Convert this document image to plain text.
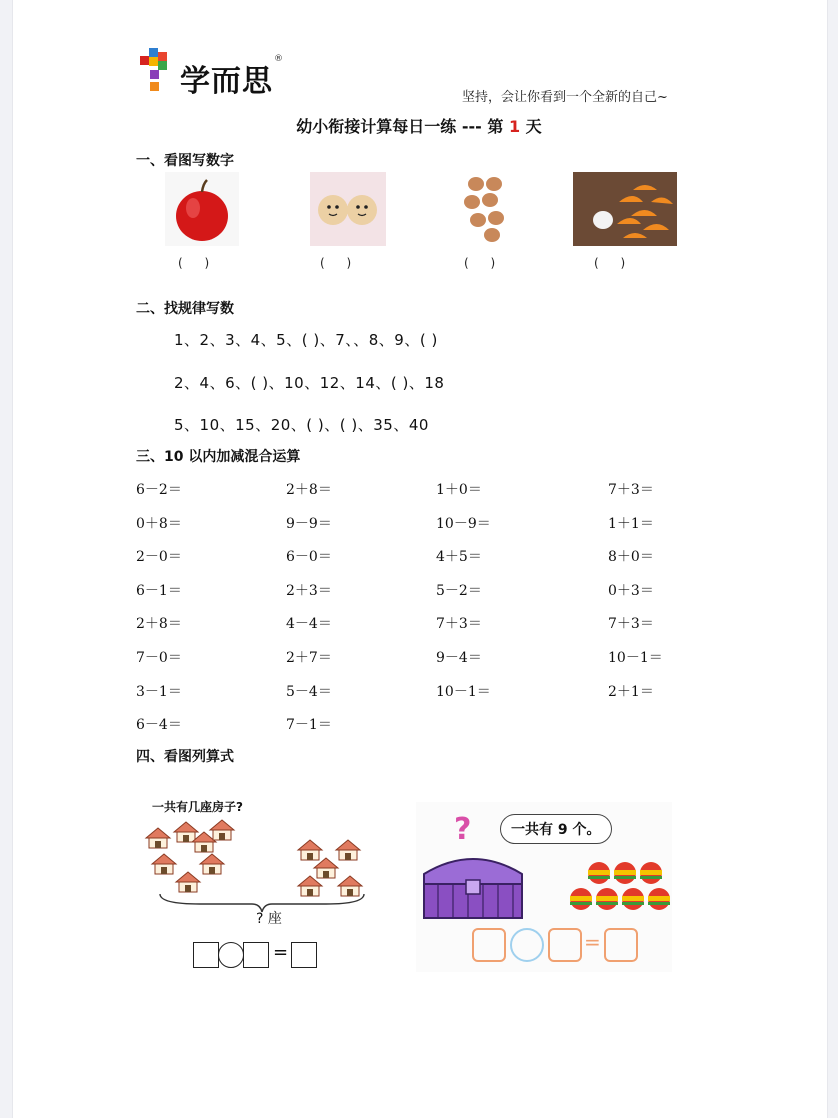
学而思
®
坚持，会让你看到一个全新的自己~
幼小衔接计算每日一练 --- 第 1 天
一、看图写数字
( )	( )	( )	( )
二、找规律写数
1、2、3、4、5、( )、7、、8、9、( )
2、4、6、( )、10、12、14、( )、18
5、10、15、20、( )、( )、35、40
三、10 以内加减混合运算
6－2＝	2＋8＝	1＋0＝	7＋3＝
0＋8＝	9－9＝	10－9＝	1＋1＝
2－0＝	6－0＝	4＋5＝	8＋0＝
6－1＝	2＋3＝	5－2＝	0＋3＝
2＋8＝	4－4＝	7＋3＝	7＋3＝
7－0＝	2＋7＝	9－4＝	10－1＝
3－1＝	5－4＝	10－1＝	2＋1＝
6－4＝	7－1＝
四、看图列算式
一共有几座房子?
? 座
=
?	一共有 9 个。
=
